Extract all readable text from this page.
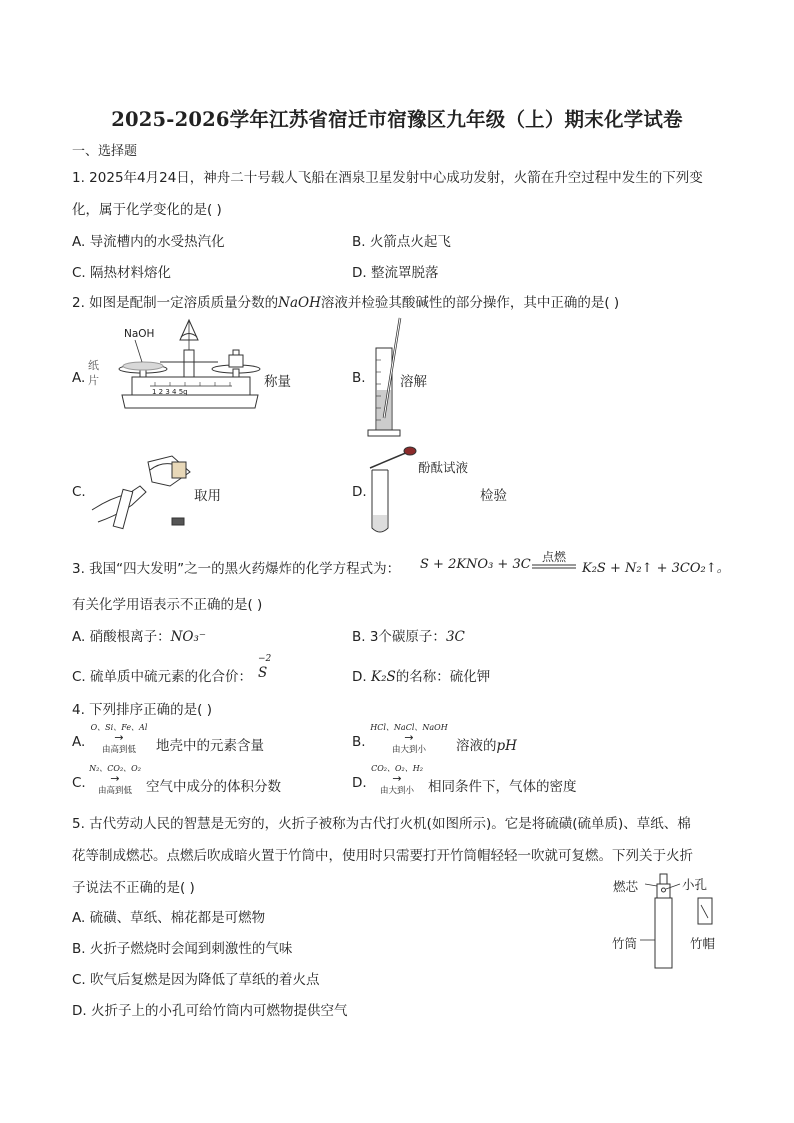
2025-2026学年江苏省宿迁市宿豫区九年级（上）期末化学试卷
一、选择题
1. 2025年4月24日，神舟二十号载人飞船在酒泉卫星发射中心成功发射，火箭在升空过程中发生的下列变
化，属于化学变化的是( )
A. 导流槽内的水受热汽化	B. 火箭点火起飞
C. 隔热材料熔化	D. 整流罩脱落
2. 如图是配制一定溶质质量分数的NaOH溶液并检验其酸碱性的部分操作，其中正确的是( )
A.
NaOH
纸
片
1 2 3 4 5g
称量	B.	溶解
C.	取用	D.
酚酞试液
检验
3. 我国“四大发明”之一的黑火药爆炸的化学方程式为： S + 2KNO₃ + 3C 点燃
K₂S + N₂↑ + 3CO₂↑。
有关化学用语表示不正确的是( )
A. 硝酸根离子：NO₃⁻	B. 3个碳原子：3C
C. 硫单质中硫元素的化合价：
−2
S	D. K₂S的名称：硫化钾
4. 下列排序正确的是( )
A.
O、Si、Fe、Al
→
由高到低	地壳中的元素含量	B.
HCl、NaCl、NaOH
→
由大到小	溶液的pH
C.
N₂、CO₂、O₂
→
由高到低	空气中成分的体积分数	D.
CO₂、O₂、H₂
→
由大到小	相同条件下，气体的密度
5. 古代劳动人民的智慧是无穷的，火折子被称为古代打火机(如图所示)。它是将硫磺(硫单质)、草纸、棉
花等制成燃芯。点燃后吹成暗火置于竹筒中，使用时只需要打开竹筒帽轻轻一吹就可复燃。下列关于火折
子说法不正确的是( )
A. 硫磺、草纸、棉花都是可燃物
B. 火折子燃烧时会闻到刺激性的气味
C. 吹气后复燃是因为降低了草纸的着火点
D. 火折子上的小孔可给竹筒内可燃物提供空气
燃芯	小孔
竹筒	竹帽
